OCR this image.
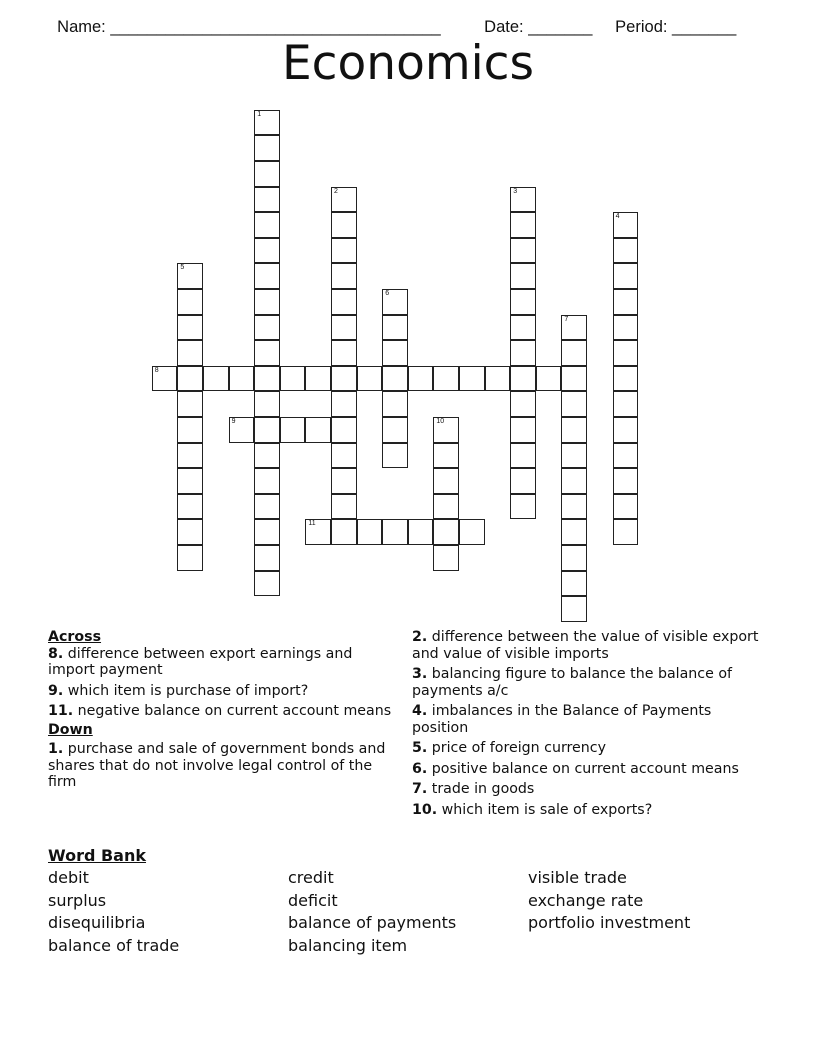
Name: ____________________________________	Date: _______	Period: _______

Economics
1
2	3
4
5
6
7
8
9	10
11
Across
8. difference between export earnings and import payment
9. which item is purchase of import?
11. negative balance on current account means
Down
1. purchase and sale of government bonds and shares that do not involve legal control of the firm
2. difference between the value of visible export and value of visible imports
3. balancing figure to balance the balance of payments a/c
4. imbalances in the Balance of Payments position
5. price of foreign currency
6. positive balance on current account means
7. trade in goods
10. which item is sale of exports?
Word Bank
debit
surplus
disequilibria
balance of trade
credit
deficit
balance of payments
balancing item
visible trade
exchange rate
portfolio investment
